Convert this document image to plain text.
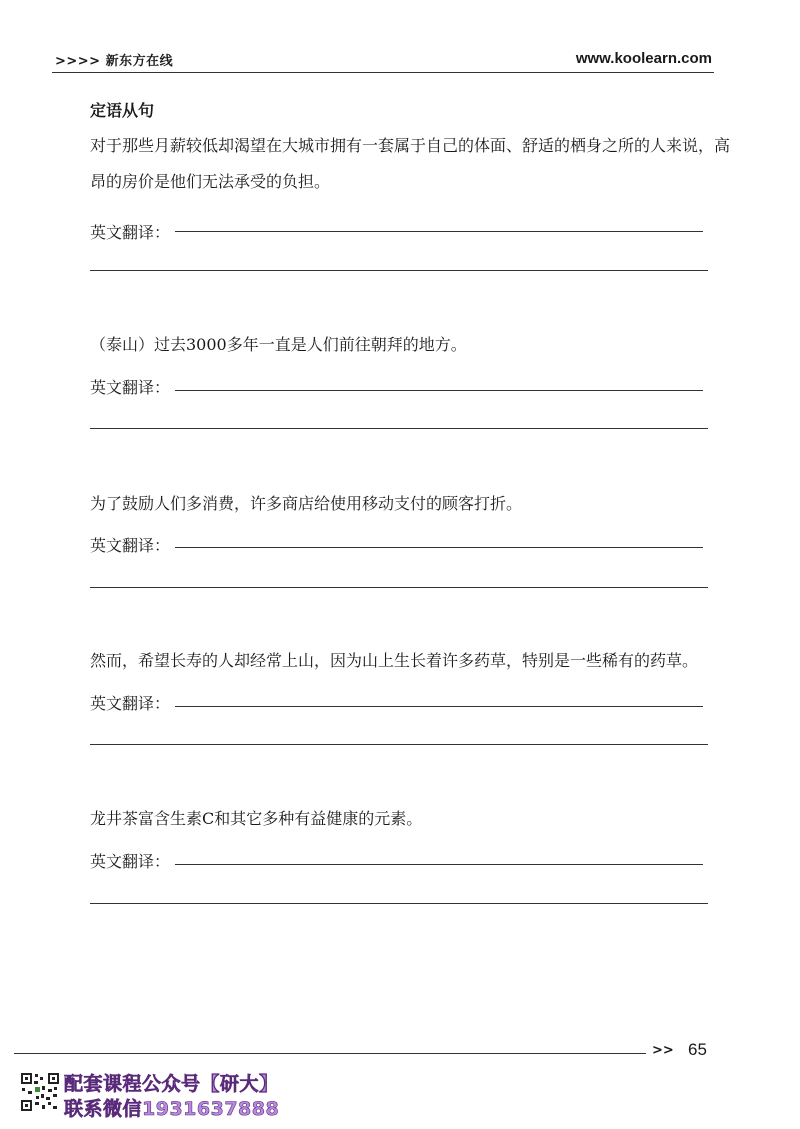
>>>> 新东方在线	www.koolearn.com
定语从句

对于那些月薪较低却渴望在大城市拥有一套属于自己的体面、舒适的栖身之所的人来说，高昂的房价是他们无法承受的负担。

英文翻译：

（泰山）过去3000多年一直是人们前往朝拜的地方。

英文翻译：

为了鼓励人们多消费，许多商店给使用移动支付的顾客打折。

英文翻译：

然而，希望长寿的人却经常上山，因为山上生长着许多药草，特别是一些稀有的药草。

英文翻译：

龙井茶富含生素C和其它多种有益健康的元素。

英文翻译：
>> 65
配套课程公众号【研大】
联系微信1931637888
